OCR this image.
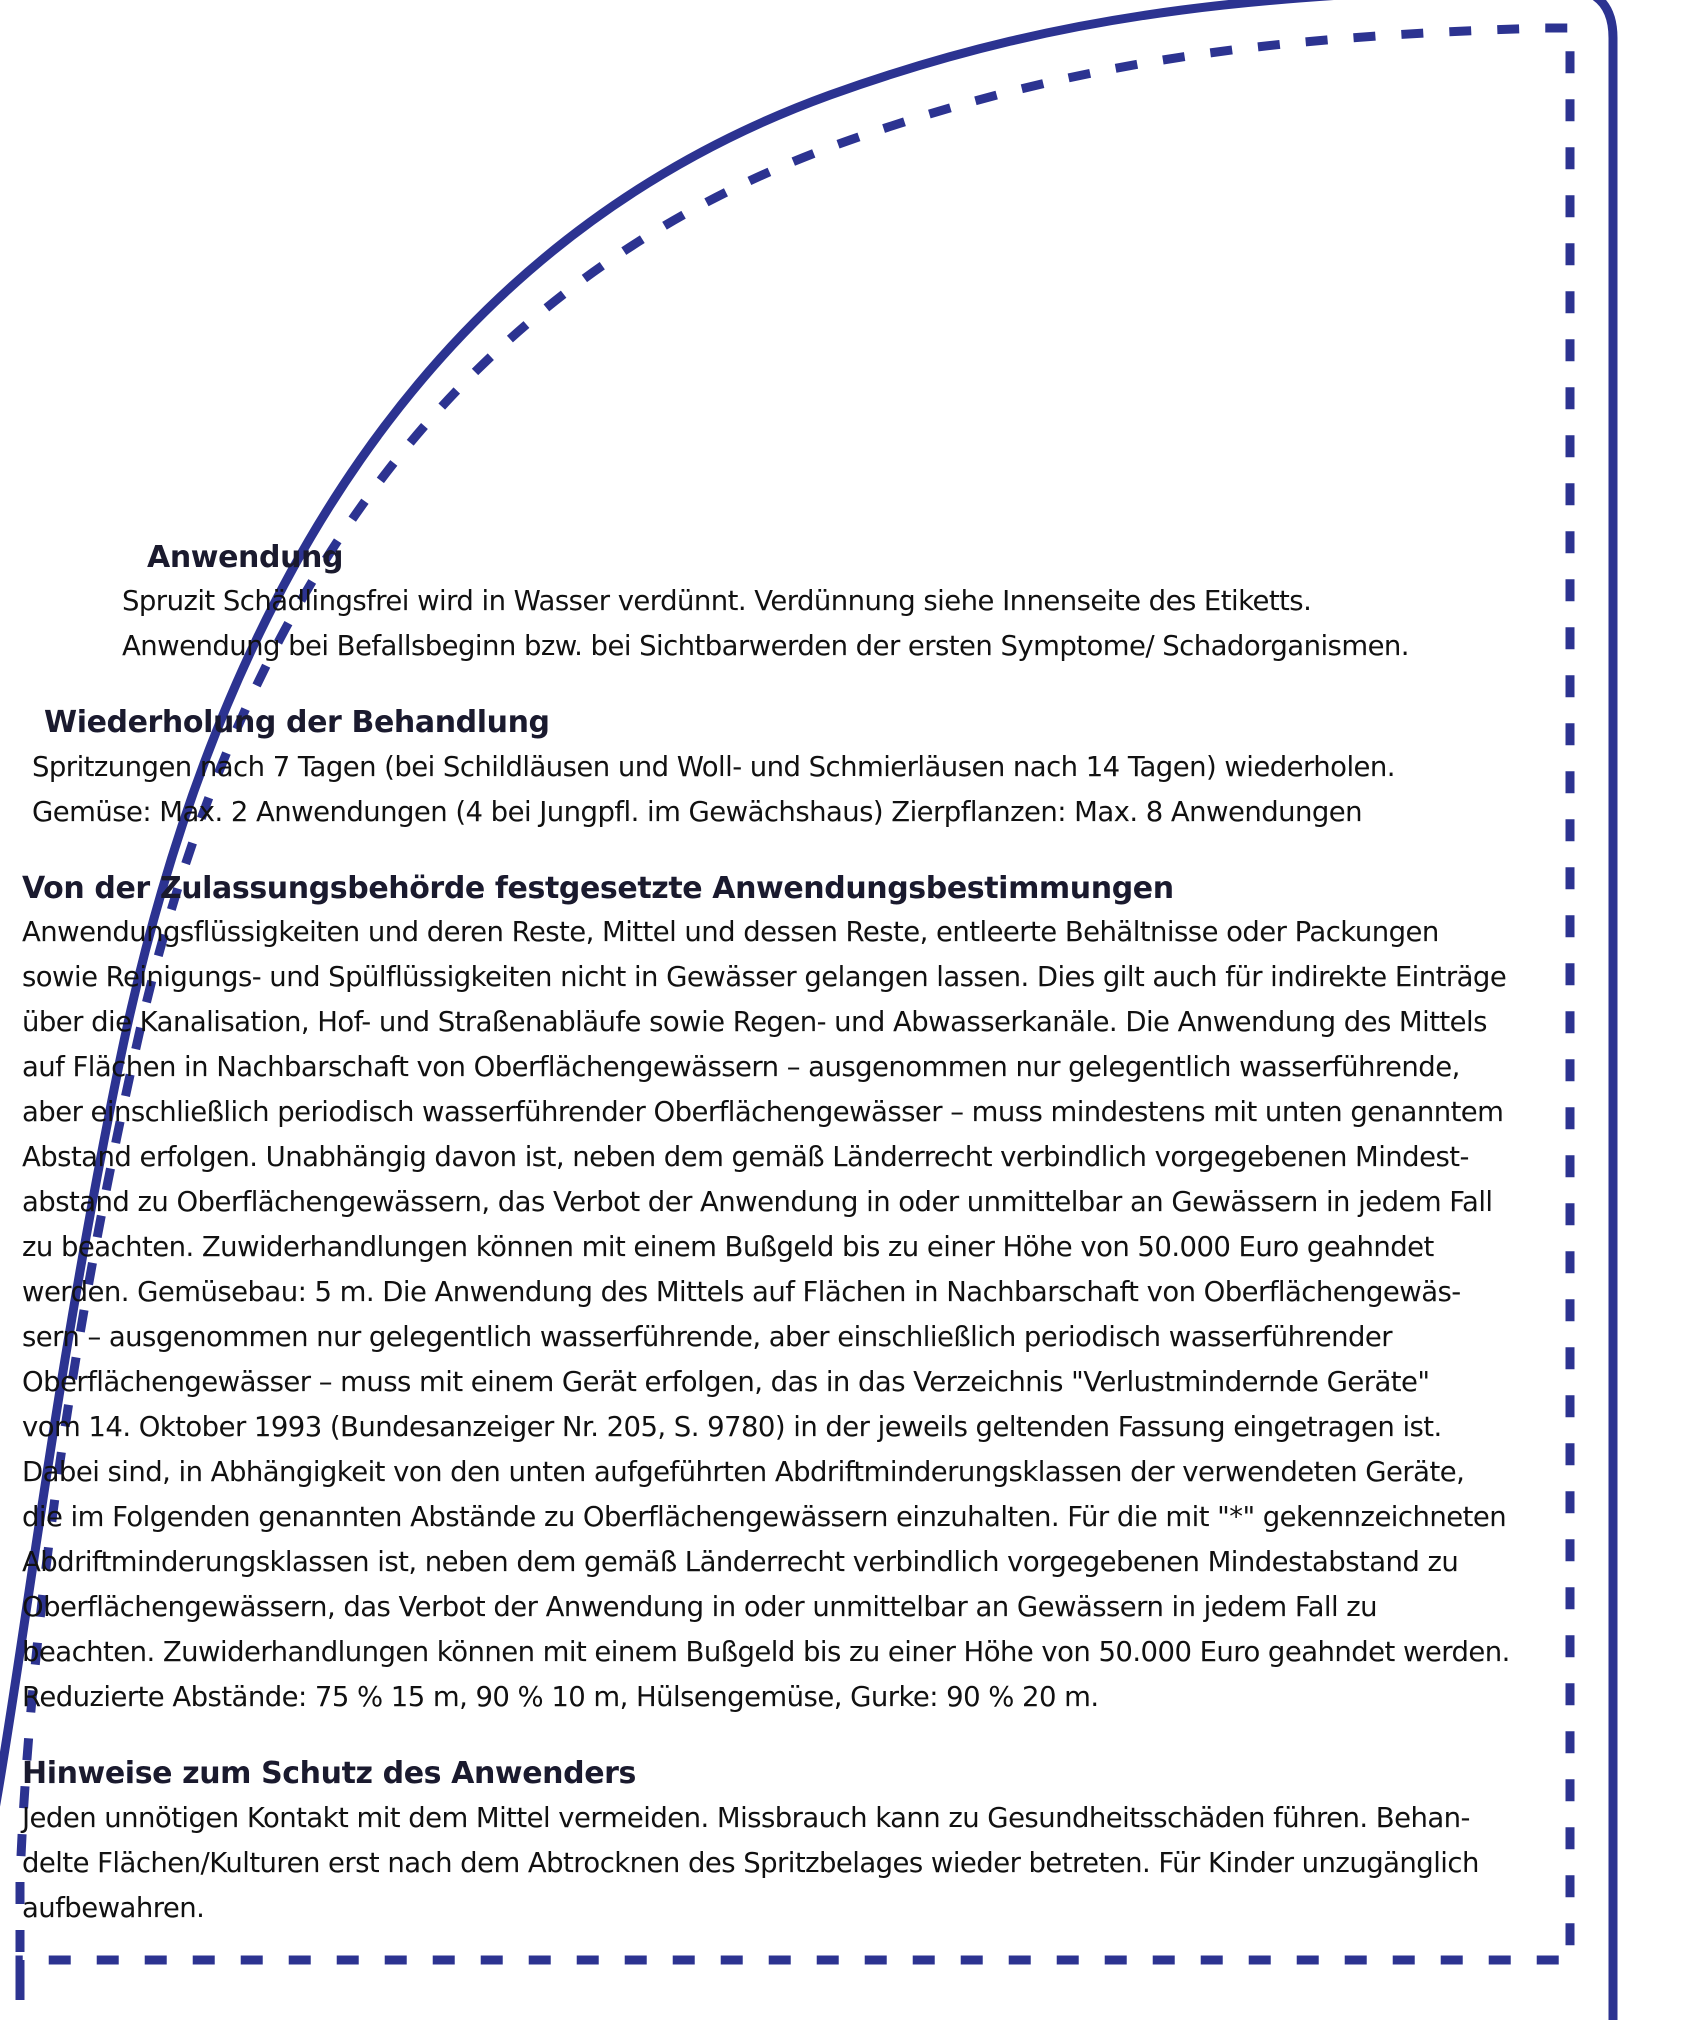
Anwendung
Spruzit Schädlingsfrei wird in Wasser verdünnt. Verdünnung siehe Innenseite des Etiketts.
Anwendung bei Befallsbeginn bzw. bei Sichtbarwerden der ersten Symptome/ Schadorganismen.
Wiederholung der Behandlung
Spritzungen nach 7 Tagen (bei Schildläusen und Woll- und Schmierläusen nach 14 Tagen) wiederholen.
Gemüse: Max. 2 Anwendungen (4 bei Jungpfl. im Gewächshaus) Zierpflanzen: Max. 8 Anwendungen
Von der Zulassungsbehörde festgesetzte Anwendungsbestimmungen
Anwendungsflüssigkeiten und deren Reste, Mittel und dessen Reste, entleerte Behältnisse oder Packungen
sowie Reinigungs- und Spülflüssigkeiten nicht in Gewässer gelangen lassen. Dies gilt auch für indirekte Einträge
über die Kanalisation, Hof- und Straßenabläufe sowie Regen- und Abwasserkanäle. Die Anwendung des Mittels
auf Flächen in Nachbarschaft von Oberflächengewässern – ausgenommen nur gelegentlich wasserführende,
aber einschließlich periodisch wasserführender Oberflächengewässer – muss mindestens mit unten genanntem
Abstand erfolgen. Unabhängig davon ist, neben dem gemäß Länderrecht verbindlich vorgegebenen Mindest-
abstand zu Oberflächengewässern, das Verbot der Anwendung in oder unmittelbar an Gewässern in jedem Fall
zu beachten. Zuwiderhandlungen können mit einem Bußgeld bis zu einer Höhe von 50.000 Euro geahndet
werden. Gemüsebau: 5 m. Die Anwendung des Mittels auf Flächen in Nachbarschaft von Oberflächengewäs-
sern – ausgenommen nur gelegentlich wasserführende, aber einschließlich periodisch wasserführender
Oberflächengewässer – muss mit einem Gerät erfolgen, das in das Verzeichnis "Verlustmindernde Geräte"
vom 14. Oktober 1993 (Bundesanzeiger Nr. 205, S. 9780) in der jeweils geltenden Fassung eingetragen ist.
Dabei sind, in Abhängigkeit von den unten aufgeführten Abdriftminderungsklassen der verwendeten Geräte,
die im Folgenden genannten Abstände zu Oberflächengewässern einzuhalten. Für die mit "*" gekennzeichneten
Abdriftminderungsklassen ist, neben dem gemäß Länderrecht verbindlich vorgegebenen Mindestabstand zu
Oberflächengewässern, das Verbot der Anwendung in oder unmittelbar an Gewässern in jedem Fall zu
beachten. Zuwiderhandlungen können mit einem Bußgeld bis zu einer Höhe von 50.000 Euro geahndet werden.
Reduzierte Abstände: 75 % 15 m, 90 % 10 m, Hülsengemüse, Gurke: 90 % 20 m.
Hinweise zum Schutz des Anwenders
Jeden unnötigen Kontakt mit dem Mittel vermeiden. Missbrauch kann zu Gesundheitsschäden führen. Behan-
delte Flächen/Kulturen erst nach dem Abtrocknen des Spritzbelages wieder betreten. Für Kinder unzugänglich
aufbewahren.
